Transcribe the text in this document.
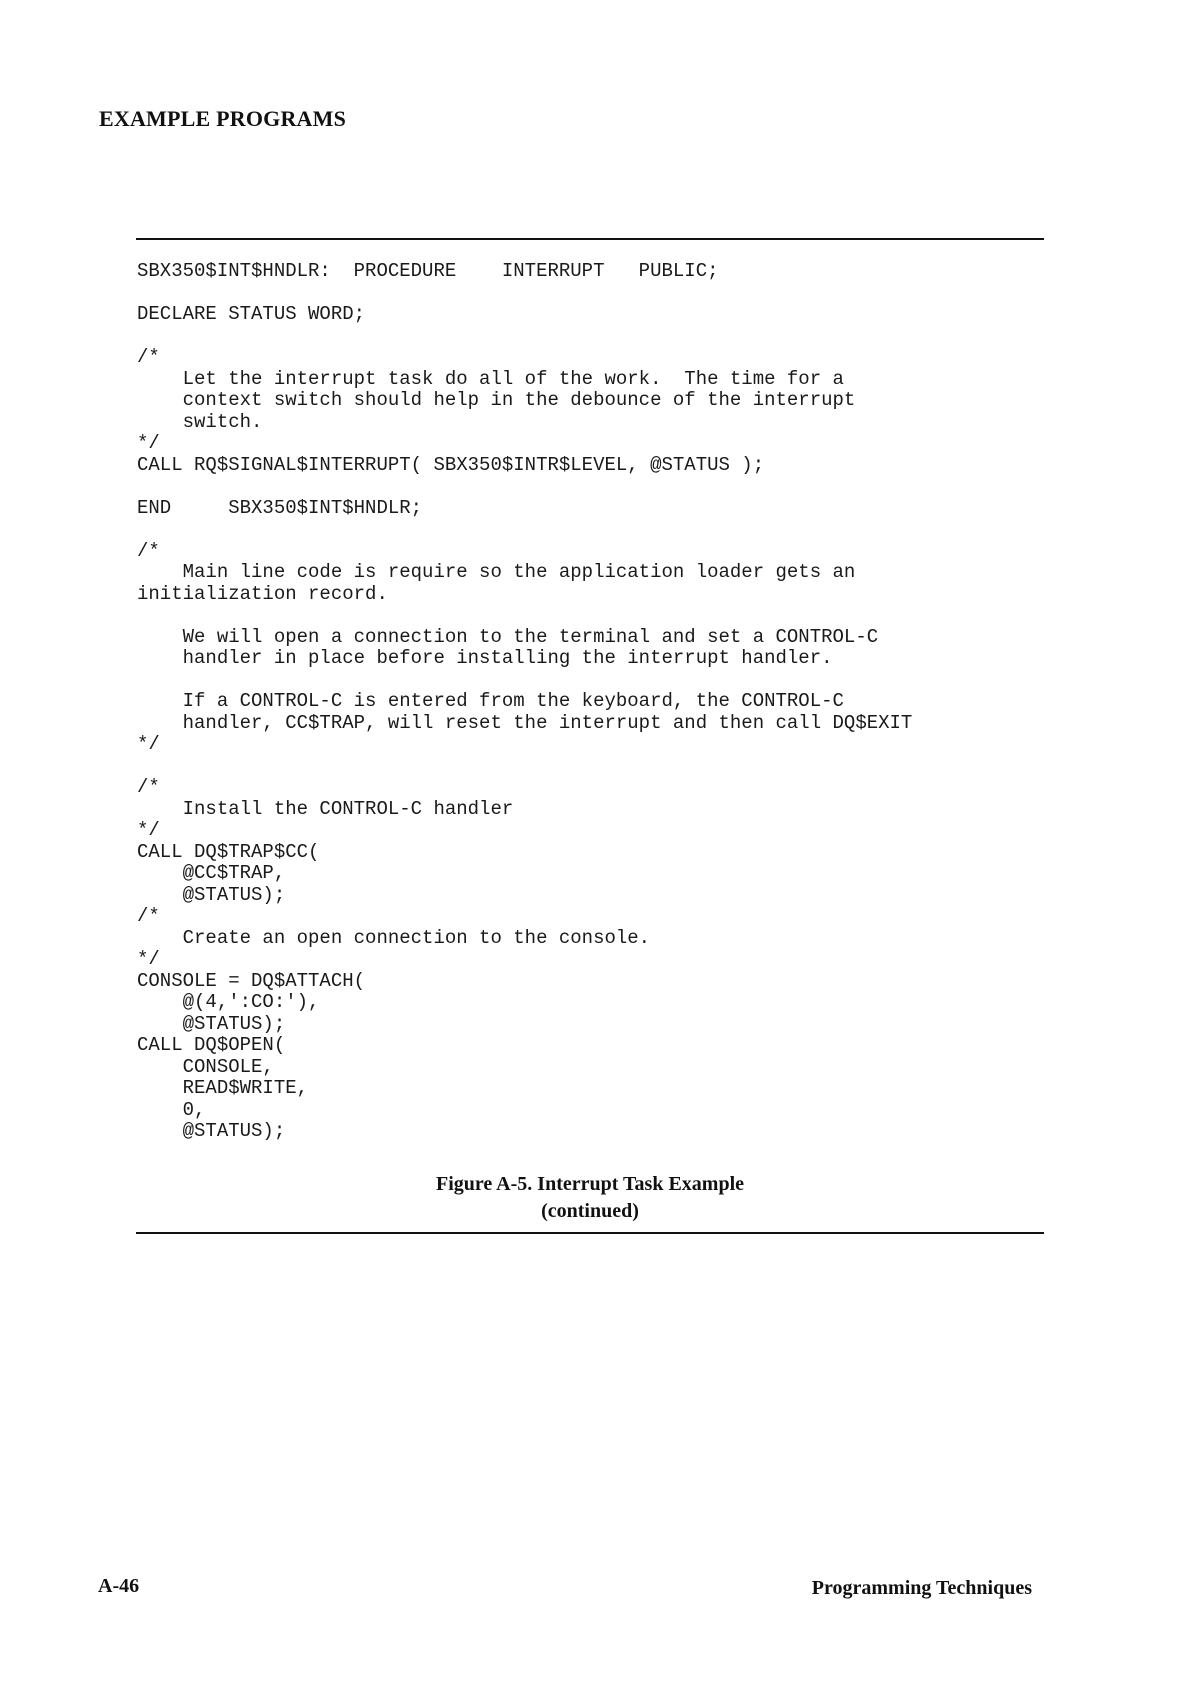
EXAMPLE PROGRAMS
SBX350$INT$HNDLR:  PROCEDURE    INTERRUPT   PUBLIC;
DECLARE STATUS WORD;
/*
Let the interrupt task do all of the work.  The time for a
context switch should help in the debounce of the interrupt
switch.
*/
CALL RQ$SIGNAL$INTERRUPT( SBX350$INTR$LEVEL, @STATUS );
END     SBX350$INT$HNDLR;
/*
Main line code is require so the application loader gets an
initialization record.
We will open a connection to the terminal and set a CONTROL-C
handler in place before installing the interrupt handler.
If a CONTROL-C is entered from the keyboard, the CONTROL-C
handler, CC$TRAP, will reset the interrupt and then call DQ$EXIT
*/
/*
Install the CONTROL-C handler
*/
CALL DQ$TRAP$CC(
@CC$TRAP,
@STATUS);
/*
Create an open connection to the console.
*/
CONSOLE = DQ$ATTACH(
@(4,':CO:'),
@STATUS);
CALL DQ$OPEN(
CONSOLE,
READ$WRITE,
0,
@STATUS);
Figure A-5. Interrupt Task Example
(continued)

A-46	Programming Techniques
